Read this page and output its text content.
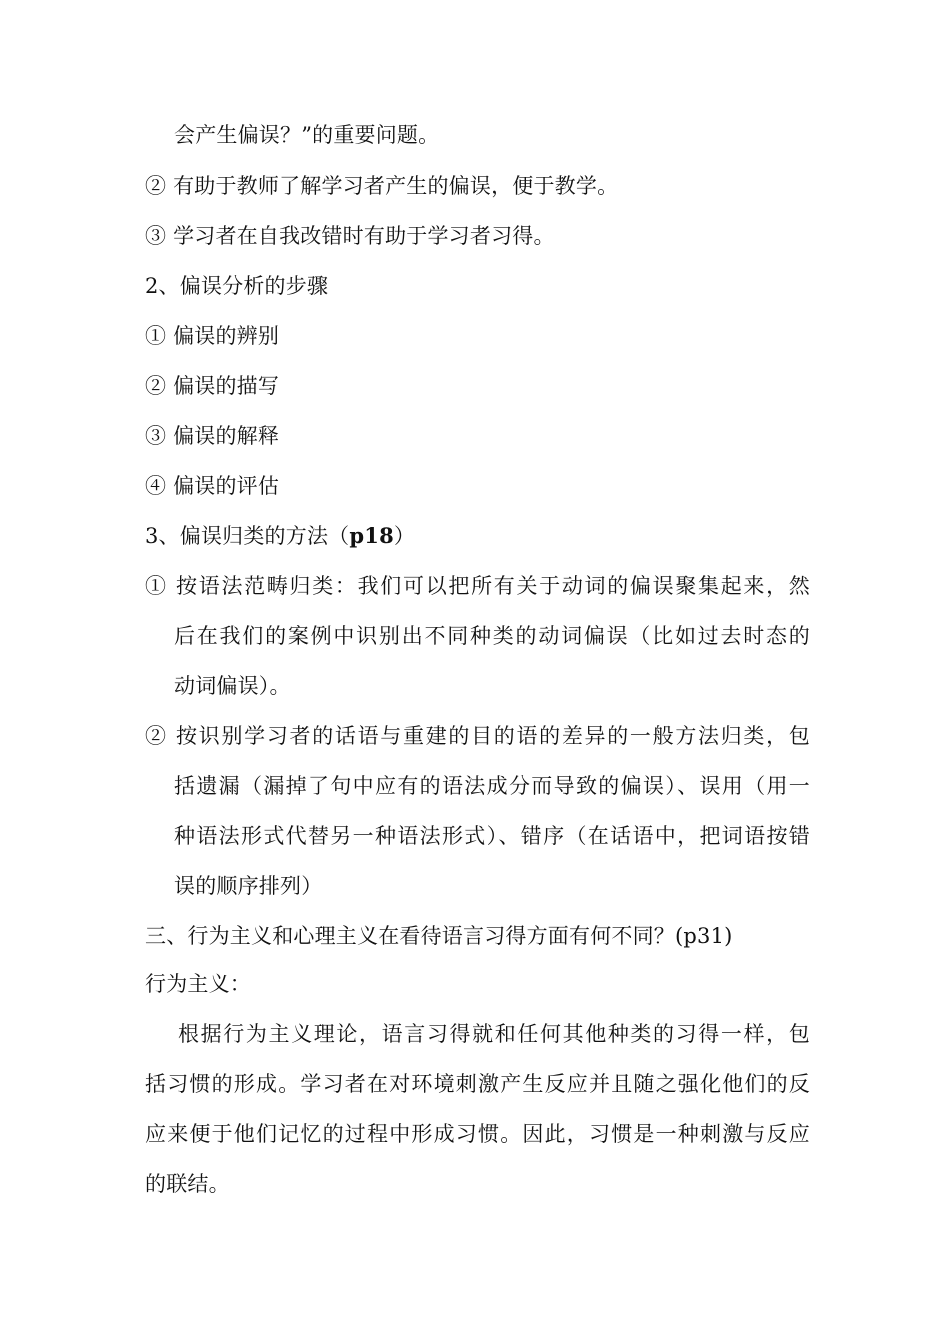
会产生偏误？”的重要问题。
② 有助于教师了解学习者产生的偏误，便于教学。
③ 学习者在自我改错时有助于学习者习得。
2、偏误分析的步骤
① 偏误的辨别
② 偏误的描写
③ 偏误的解释
④ 偏误的评估
3、偏误归类的方法（p18）
① 按语法范畴归类：我们可以把所有关于动词的偏误聚集起来，然
后在我们的案例中识别出不同种类的动词偏误（比如过去时态的
动词偏误）。
② 按识别学习者的话语与重建的目的语的差异的一般方法归类，包
括遗漏（漏掉了句中应有的语法成分而导致的偏误）、误用（用一
种语法形式代替另一种语法形式）、错序（在话语中，把词语按错
误的顺序排列）
三、行为主义和心理主义在看待语言习得方面有何不同？(p31)
行为主义：
根据行为主义理论，语言习得就和任何其他种类的习得一样，包
括习惯的形成。学习者在对环境刺激产生反应并且随之强化他们的反
应来便于他们记忆的过程中形成习惯。因此，习惯是一种刺激与反应
的联结。
